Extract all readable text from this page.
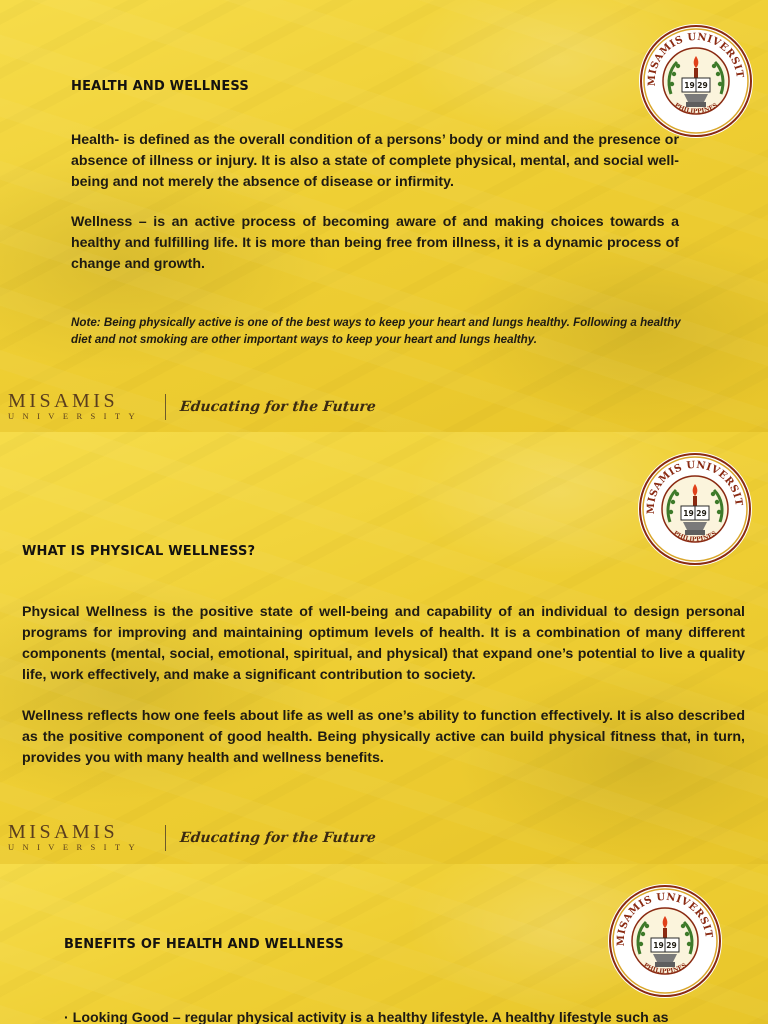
MISAMIS UNIVERSIT
PHILIPPINES
19 29
HEALTH AND WELLNESS

Health- is defined as the overall condition of a persons’ body or mind and the presence or absence of illness or injury. It is also a state of complete physical, mental, and social well-being and not merely the absence of disease or infirmity.

Wellness – is an active process of becoming aware of and making choices towards a healthy and fulfilling life. It is more than being free from illness, it is a dynamic process of change and growth.

Note: Being physically active is one of the best ways to keep your heart and lungs healthy. Following a healthy diet and not smoking are other important ways to keep your heart and lungs healthy.

MISAMIS
UNIVERSITY
Educating for the Future
MISAMIS UNIVERSIT
PHILIPPINES
19 29
WHAT IS PHYSICAL WELLNESS?

Physical Wellness is the positive state of well-being and capability of an individual to design personal programs for improving and maintaining optimum levels of health. It is a combination of many different components (mental, social, emotional, spiritual, and physical) that expand one’s potential to live a quality life, work effectively, and make a significant contribution to society.

Wellness reflects how one feels about life as well as one’s ability to function effectively. It is also described as the positive component of good health. Being physically active can build physical fitness that, in turn, provides you with many health and wellness benefits.

MISAMIS
UNIVERSITY
Educating for the Future
MISAMIS UNIVERSIT
PHILIPPINES
19 29
BENEFITS OF HEALTH AND WELLNESS

· Looking Good – regular physical activity is a healthy lifestyle. A healthy lifestyle such as
